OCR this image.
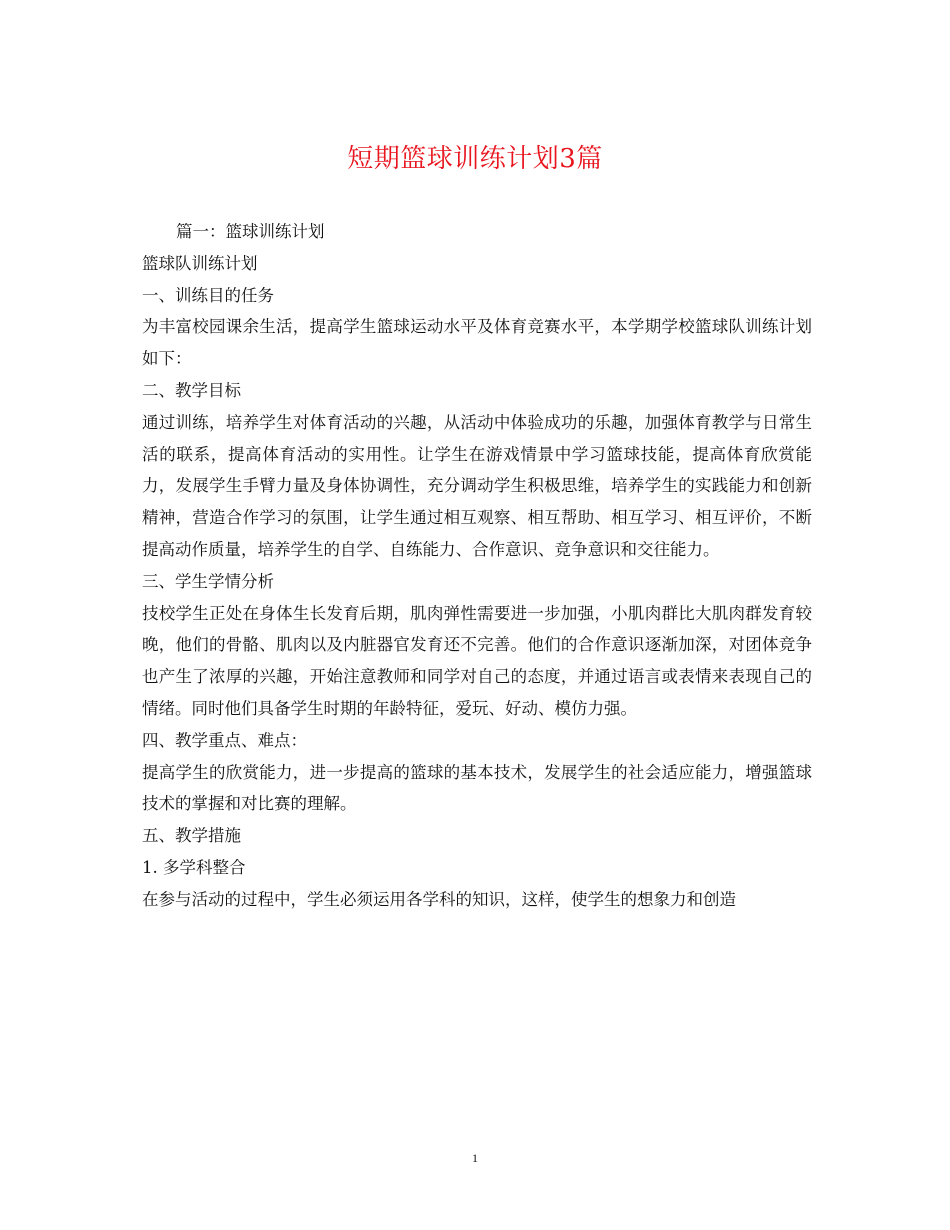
短期篮球训练计划3篇

篇一：篮球训练计划

篮球队训练计划

一、训练目的任务

为丰富校园课余生活，提高学生篮球运动水平及体育竞赛水平，本学期学校篮球队训练计划如下：

二、教学目标

通过训练，培养学生对体育活动的兴趣，从活动中体验成功的乐趣，加强体育教学与日常生活的联系，提高体育活动的实用性。让学生在游戏情景中学习篮球技能，提高体育欣赏能力，发展学生手臂力量及身体协调性，充分调动学生积极思维，培养学生的实践能力和创新精神，营造合作学习的氛围，让学生通过相互观察、相互帮助、相互学习、相互评价，不断提高动作质量，培养学生的自学、自练能力、合作意识、竞争意识和交往能力。

三、学生学情分析

技校学生正处在身体生长发育后期，肌肉弹性需要进一步加强，小肌肉群比大肌肉群发育较晚，他们的骨骼、肌肉以及内脏器官发育还不完善。他们的合作意识逐渐加深，对团体竞争也产生了浓厚的兴趣，开始注意教师和同学对自己的态度，并通过语言或表情来表现自己的情绪。同时他们具备学生时期的年龄特征，爱玩、好动、模仿力强。

四、教学重点、难点：

提高学生的欣赏能力，进一步提高的篮球的基本技术，发展学生的社会适应能力，增强篮球技术的掌握和对比赛的理解。

五、教学措施

1. 多学科整合

在参与活动的过程中，学生必须运用各学科的知识，这样，使学生的想象力和创造

1
